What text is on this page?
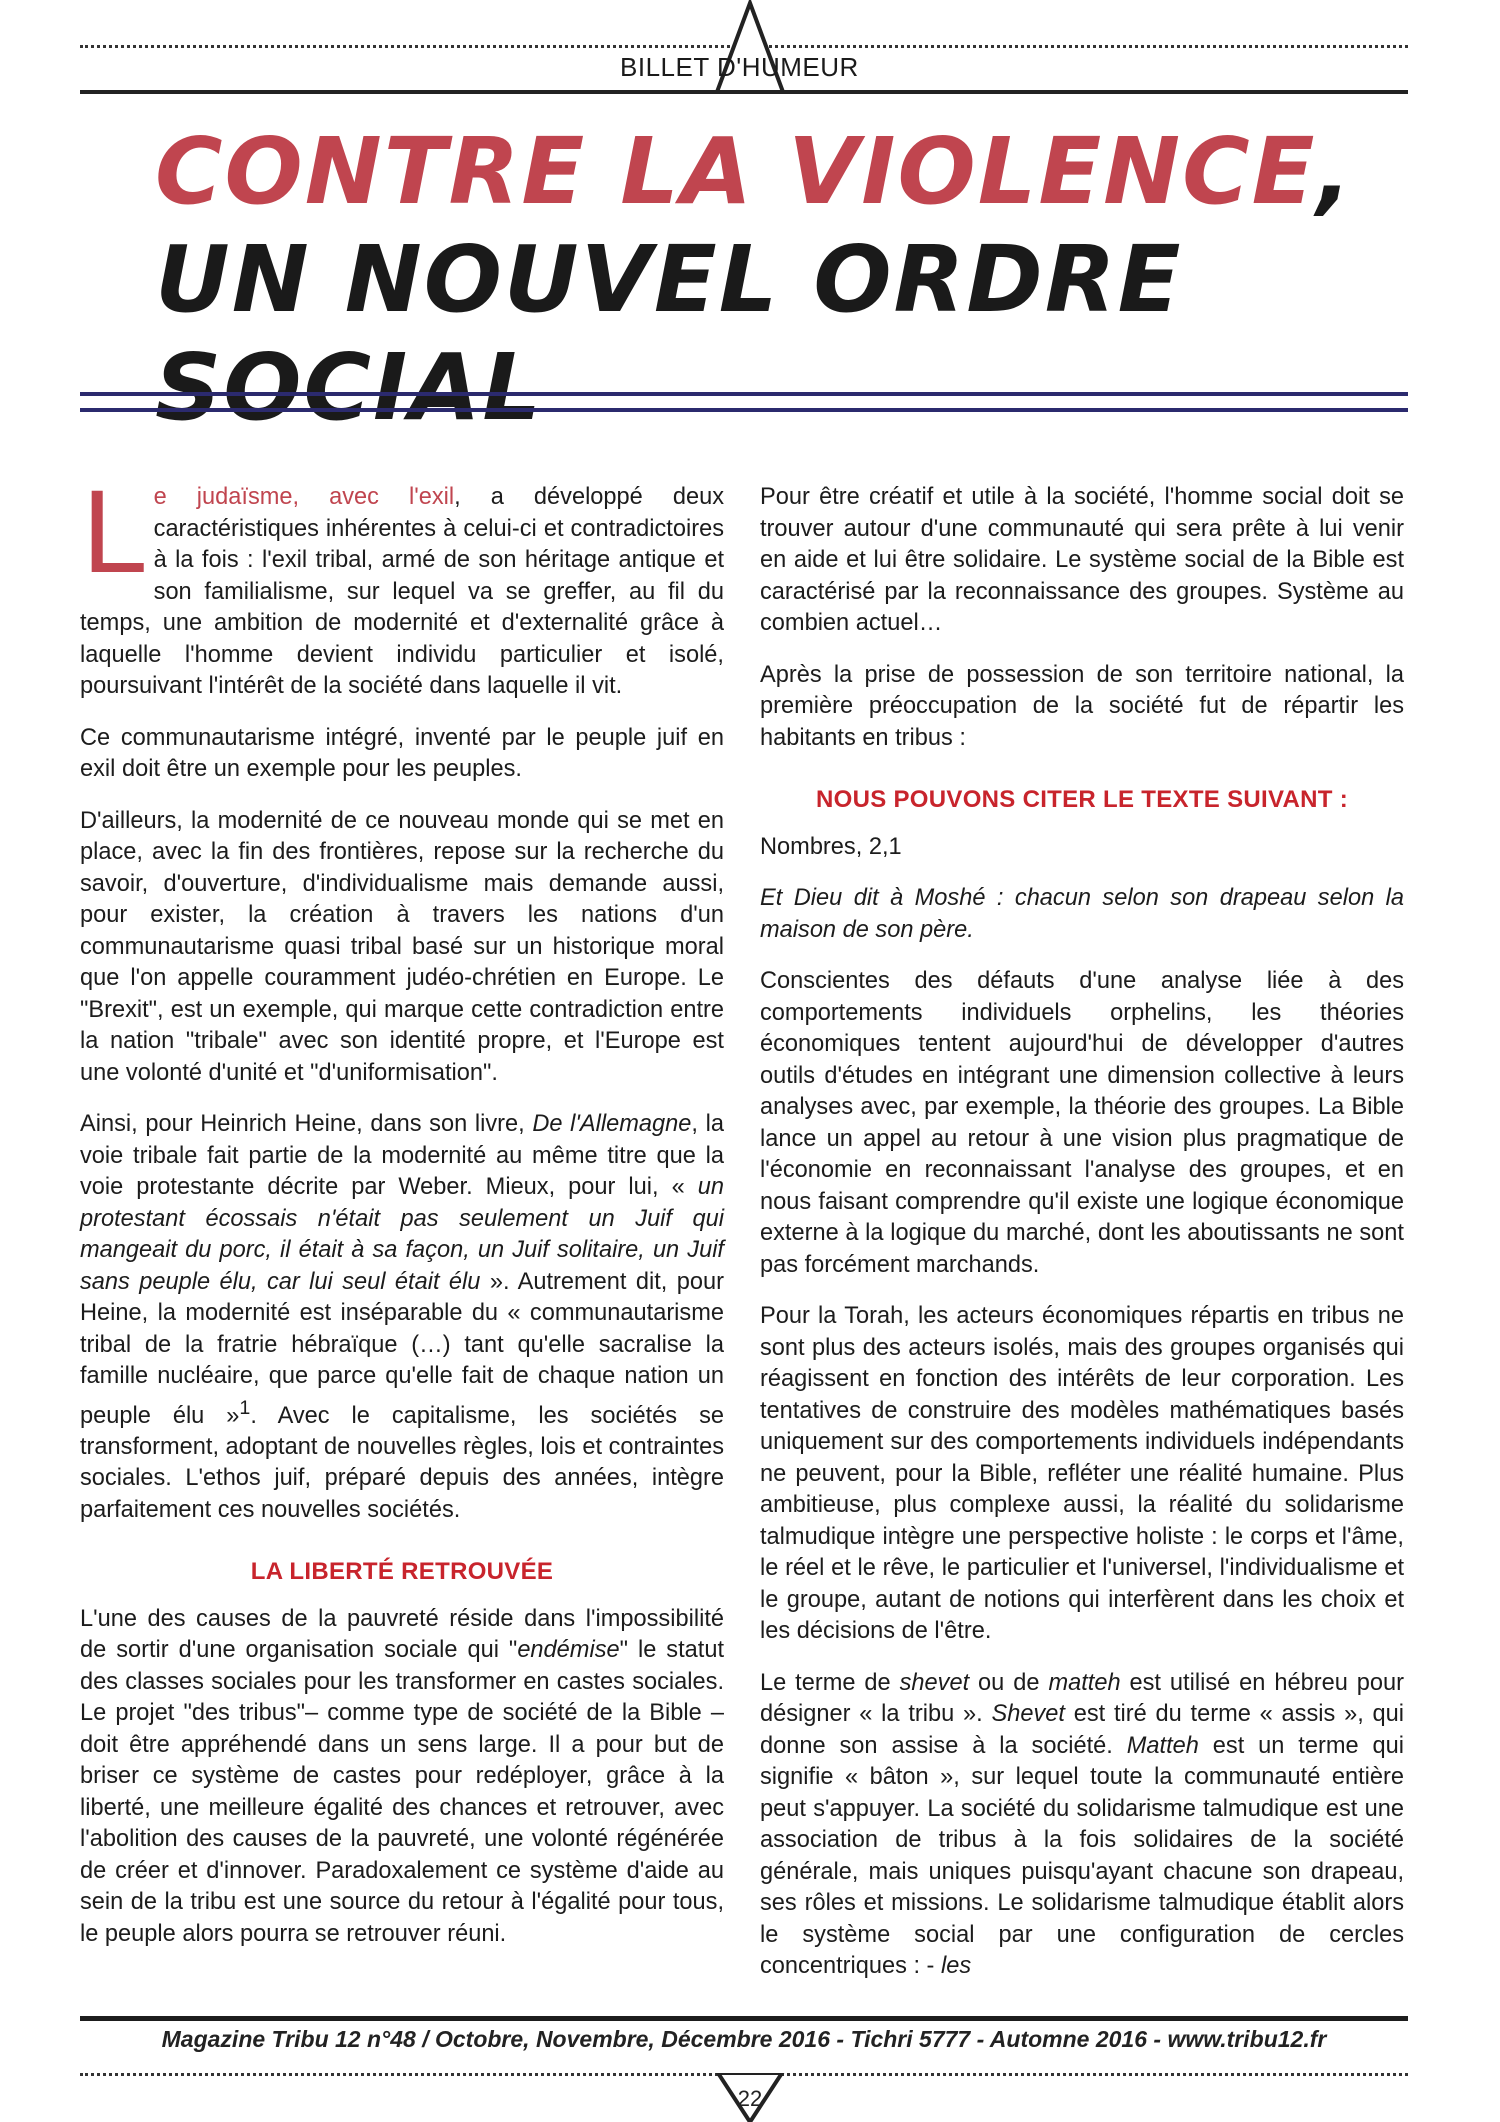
BILLET D'HUMEUR
CONTRE LA VIOLENCE, UN NOUVEL ORDRE SOCIAL

Le judaïsme, avec l'exil, a développé deux caractéristiques inhérentes à celui-ci et contradictoires à la fois : l'exil tribal, armé de son héritage antique et son familialisme, sur lequel va se greffer, au fil du temps, une ambition de modernité et d'externalité grâce à laquelle l'homme devient individu particulier et isolé, poursuivant l'intérêt de la société dans laquelle il vit.

Ce communautarisme intégré, inventé par le peuple juif en exil doit être un exemple pour les peuples.

D'ailleurs, la modernité de ce nouveau monde qui se met en place, avec la fin des frontières, repose sur la recherche du savoir, d'ouverture, d'individualisme mais demande aussi, pour exister, la création à travers les nations d'un communautarisme quasi tribal basé sur un historique moral que l'on appelle couramment judéo-chrétien en Europe. Le "Brexit", est un exemple, qui marque cette contradiction entre la nation "tribale" avec son identité propre, et l'Europe est une volonté d'unité et "d'uniformisation".

Ainsi, pour Heinrich Heine, dans son livre, De l'Allemagne, la voie tribale fait partie de la modernité au même titre que la voie protestante décrite par Weber. Mieux, pour lui, « un protestant écossais n'était pas seulement un Juif qui mangeait du porc, il était à sa façon, un Juif solitaire, un Juif sans peuple élu, car lui seul était élu ». Autrement dit, pour Heine, la modernité est inséparable du « communautarisme tribal de la fratrie hébraïque (…) tant qu'elle sacralise la famille nucléaire, que parce qu'elle fait de chaque nation un peuple élu »$^1$. Avec le capitalisme, les sociétés se transforment, adoptant de nouvelles règles, lois et contraintes sociales. L'ethos juif, préparé depuis des années, intègre parfaitement ces nouvelles sociétés.

LA LIBERTÉ RETROUVÉE

L'une des causes de la pauvreté réside dans l'impossibilité de sortir d'une organisation sociale qui "endémise" le statut des classes sociales pour les transformer en castes sociales. Le projet "des tribus"– comme type de société de la Bible – doit être appréhendé dans un sens large. Il a pour but de briser ce système de castes pour redéployer, grâce à la liberté, une meilleure égalité des chances et retrouver, avec l'abolition des causes de la pauvreté, une volonté régénérée de créer et d'innover. Paradoxalement ce système d'aide au sein de la tribu est une source du retour à l'égalité pour tous, le peuple alors pourra se retrouver réuni.

Pour être créatif et utile à la société, l'homme social doit se trouver autour d'une communauté qui sera prête à lui venir en aide et lui être solidaire. Le système social de la Bible est caractérisé par la reconnaissance des groupes. Système au combien actuel…

Après la prise de possession de son territoire national, la première préoccupation de la société fut de répartir les habitants en tribus :

NOUS POUVONS CITER LE TEXTE SUIVANT :

Nombres, 2,1

Et Dieu dit à Moshé : chacun selon son drapeau selon la maison de son père.

Conscientes des défauts d'une analyse liée à des comportements individuels orphelins, les théories économiques tentent aujourd'hui de développer d'autres outils d'études en intégrant une dimension collective à leurs analyses avec, par exemple, la théorie des groupes. La Bible lance un appel au retour à une vision plus pragmatique de l'économie en reconnaissant l'analyse des groupes, et en nous faisant comprendre qu'il existe une logique économique externe à la logique du marché, dont les aboutissants ne sont pas forcément marchands.

Pour la Torah, les acteurs économiques répartis en tribus ne sont plus des acteurs isolés, mais des groupes organisés qui réagissent en fonction des intérêts de leur corporation. Les tentatives de construire des modèles mathématiques basés uniquement sur des comportements individuels indépendants ne peuvent, pour la Bible, refléter une réalité humaine. Plus ambitieuse, plus complexe aussi, la réalité du solidarisme talmudique intègre une perspective holiste : le corps et l'âme, le réel et le rêve, le particulier et l'universel, l'individualisme et le groupe, autant de notions qui interfèrent dans les choix et les décisions de l'être.

Le terme de shevet ou de matteh est utilisé en hébreu pour désigner « la tribu ». Shevet est tiré du terme « assis », qui donne son assise à la société. Matteh est un terme qui signifie « bâton », sur lequel toute la communauté entière peut s'appuyer. La société du solidarisme talmudique est une association de tribus à la fois solidaires de la société générale, mais uniques puisqu'ayant chacune son drapeau, ses rôles et missions. Le solidarisme talmudique établit alors le système social par une configuration de cercles concentriques : - les

Magazine Tribu 12 n°48 / Octobre, Novembre, Décembre 2016 - Tichri 5777 - Automne 2016 - www.tribu12.fr
22
